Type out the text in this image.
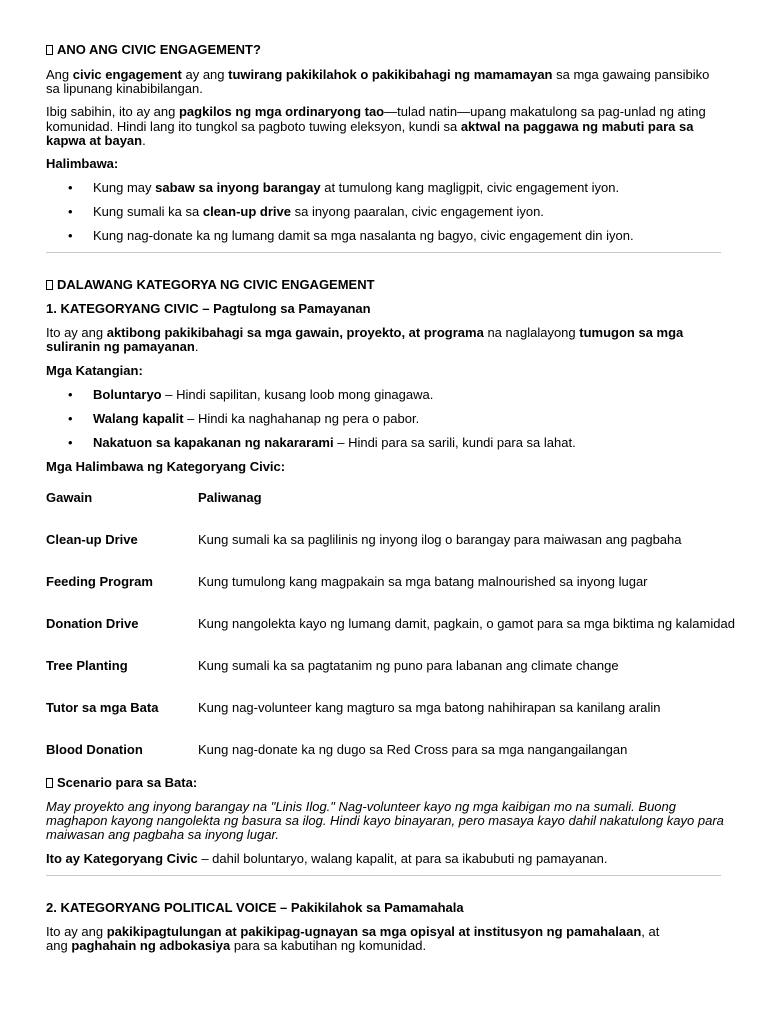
ANO ANG CIVIC ENGAGEMENT?

Ang civic engagement ay ang tuwirang pakikilahok o pakikibahagi ng mamamayan sa mga gawaing pansibiko

sa lipunang kinabibilangan.

Ibig sabihin, ito ay ang pagkilos ng mga ordinaryong tao—tulad natin—upang makatulong sa pag-unlad ng ating

komunidad. Hindi lang ito tungkol sa pagboto tuwing eleksyon, kundi sa aktwal na paggawa ng mabuti para sa

kapwa at bayan.

Halimbawa:

• Kung may sabaw sa inyong barangay at tumulong kang magligpit, civic engagement iyon.

• Kung sumali ka sa clean-up drive sa inyong paaralan, civic engagement iyon.

• Kung nag-donate ka ng lumang damit sa mga nasalanta ng bagyo, civic engagement din iyon.

DALAWANG KATEGORYA NG CIVIC ENGAGEMENT

1. KATEGORYANG CIVIC – Pagtulong sa Pamayanan

Ito ay ang aktibong pakikibahagi sa mga gawain, proyekto, at programa na naglalayong tumugon sa mga

suliranin ng pamayanan.

Mga Katangian:

• Boluntaryo – Hindi sapilitan, kusang loob mong ginagawa.

• Walang kapalit – Hindi ka naghahanap ng pera o pabor.

• Nakatuon sa kapakanan ng nakararami – Hindi para sa sarili, kundi para sa lahat.

Mga Halimbawa ng Kategoryang Civic:

Gawain	Paliwanag
Clean-up Drive	Kung sumali ka sa paglilinis ng inyong ilog o barangay para maiwasan ang pagbaha
Feeding Program	Kung tumulong kang magpakain sa mga batang malnourished sa inyong lugar
Donation Drive	Kung nangolekta kayo ng lumang damit, pagkain, o gamot para sa mga biktima ng kalamidad
Tree Planting	Kung sumali ka sa pagtatanim ng puno para labanan ang climate change
Tutor sa mga Bata	Kung nag-volunteer kang magturo sa mga batong nahihirapan sa kanilang aralin
Blood Donation	Kung nag-donate ka ng dugo sa Red Cross para sa mga nangangailangan

Scenario para sa Bata:

May proyekto ang inyong barangay na "Linis Ilog." Nag-volunteer kayo ng mga kaibigan mo na sumali. Buong

maghapon kayong nangolekta ng basura sa ilog. Hindi kayo binayaran, pero masaya kayo dahil nakatulong kayo para

maiwasan ang pagbaha sa inyong lugar.

Ito ay Kategoryang Civic – dahil boluntaryo, walang kapalit, at para sa ikabubuti ng pamayanan.

2. KATEGORYANG POLITICAL VOICE – Pakikilahok sa Pamamahala

Ito ay ang pakikipagtulungan at pakikipag-ugnayan sa mga opisyal at institusyon ng pamahalaan, at

ang paghahain ng adbokasiya para sa kabutihan ng komunidad.
